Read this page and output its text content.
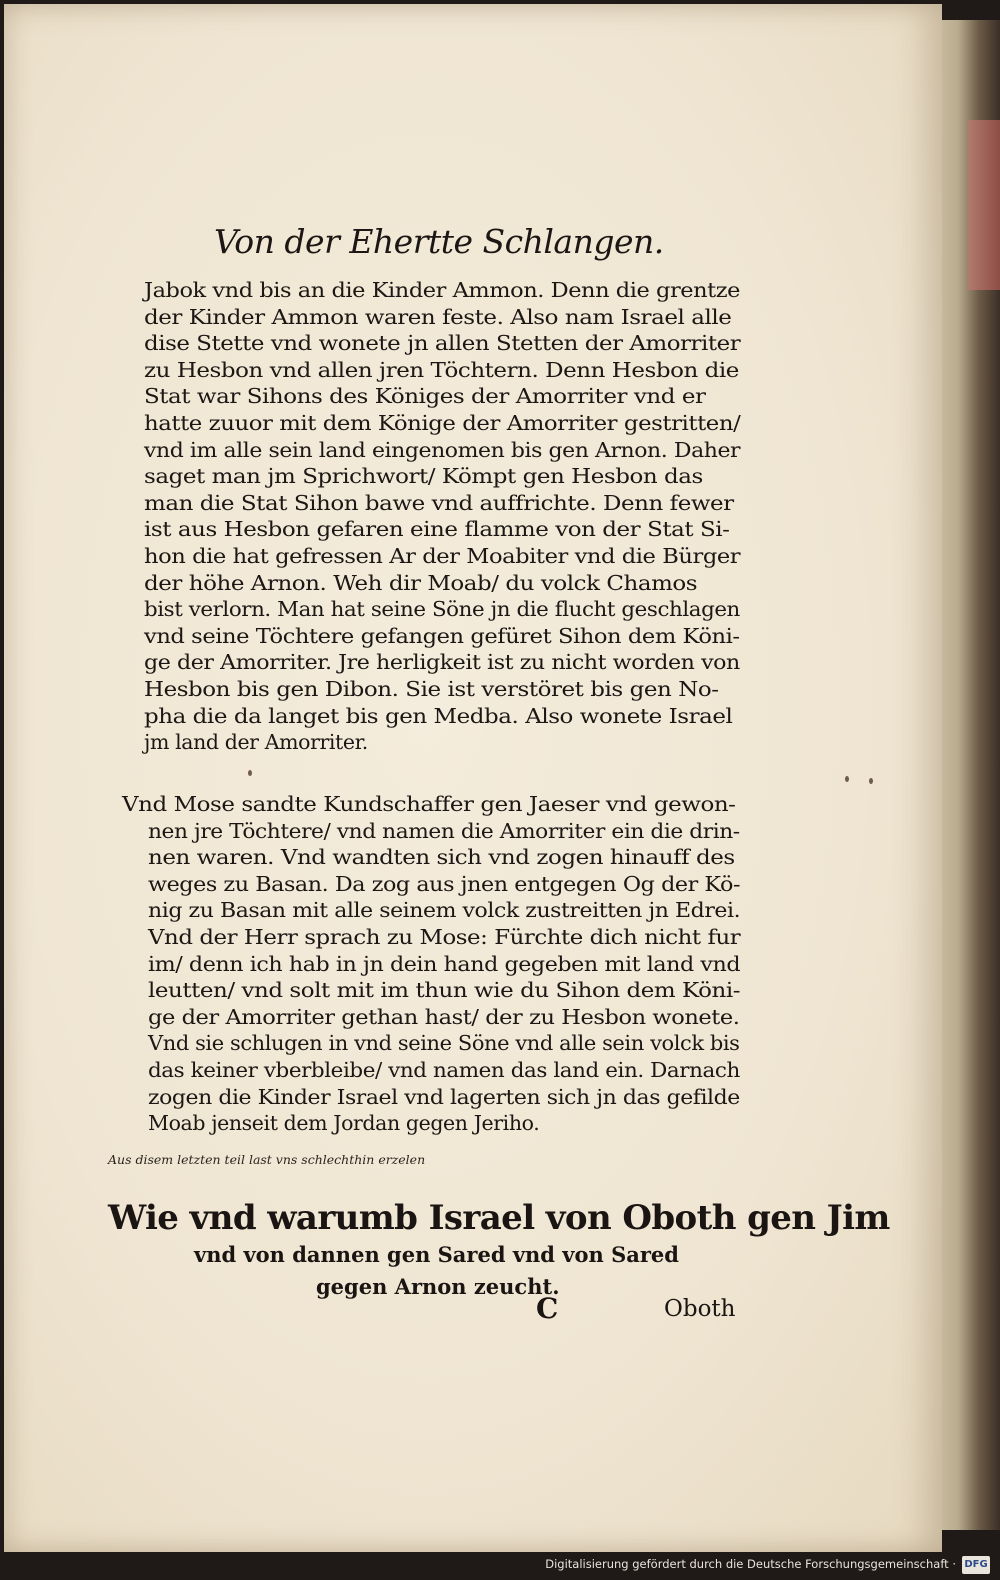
Von der Ehertte Schlangen.
Jabok vnd bis an die Kinder Ammon. Denn die grentze
der Kinder Ammon waren feste. Also nam Israel alle
dise Stette vnd wonete jn allen Stetten der Amorriter
zu Hesbon vnd allen jren Töchtern. Denn Hesbon die
Stat war Sihons des Königes der Amorriter vnd er
hatte zuuor mit dem Könige der Amorriter gestritten/
vnd im alle sein land eingenomen bis gen Arnon. Daher
saget man jm Sprichwort/ Kömpt gen Hesbon das
man die Stat Sihon bawe vnd auffrichte. Denn fewer
ist aus Hesbon gefaren eine flamme von der Stat Si-
hon die hat gefressen Ar der Moabiter vnd die Bürger
der höhe Arnon. Weh dir Moab/ du volck Chamos
bist verlorn. Man hat seine Söne jn die flucht geschlagen
vnd seine Töchtere gefangen gefüret Sihon dem Köni-
ge der Amorriter. Jre herligkeit ist zu nicht worden von
Hesbon bis gen Dibon. Sie ist verstöret bis gen No-
pha die da langet bis gen Medba. Also wonete Israel
jm land der Amorriter.
Vnd Mose sandte Kundschaffer gen Jaeser vnd gewon-
nen jre Töchtere/ vnd namen die Amorriter ein die drin-
nen waren. Vnd wandten sich vnd zogen hinauff des
weges zu Basan. Da zog aus jnen entgegen Og der Kö-
nig zu Basan mit alle seinem volck zustreitten jn Edrei.
Vnd der Herr sprach zu Mose: Fürchte dich nicht fur
im/ denn ich hab in jn dein hand gegeben mit land vnd
leutten/ vnd solt mit im thun wie du Sihon dem Köni-
ge der Amorriter gethan hast/ der zu Hesbon wonete.
Vnd sie schlugen in vnd seine Söne vnd alle sein volck bis
das keiner vberbleibe/ vnd namen das land ein. Darnach
zogen die Kinder Israel vnd lagerten sich jn das gefilde
Moab jenseit dem Jordan gegen Jeriho.
Aus disem letzten teil last vns schlechthin erzelen
Wie vnd warumb Israel von Oboth gen Jim
vnd von dannen gen Sared vnd von Sared
gegen Arnon zeucht.
C	Oboth
Digitalisierung gefördert durch die Deutsche Forschungsgemeinschaft · DFG
